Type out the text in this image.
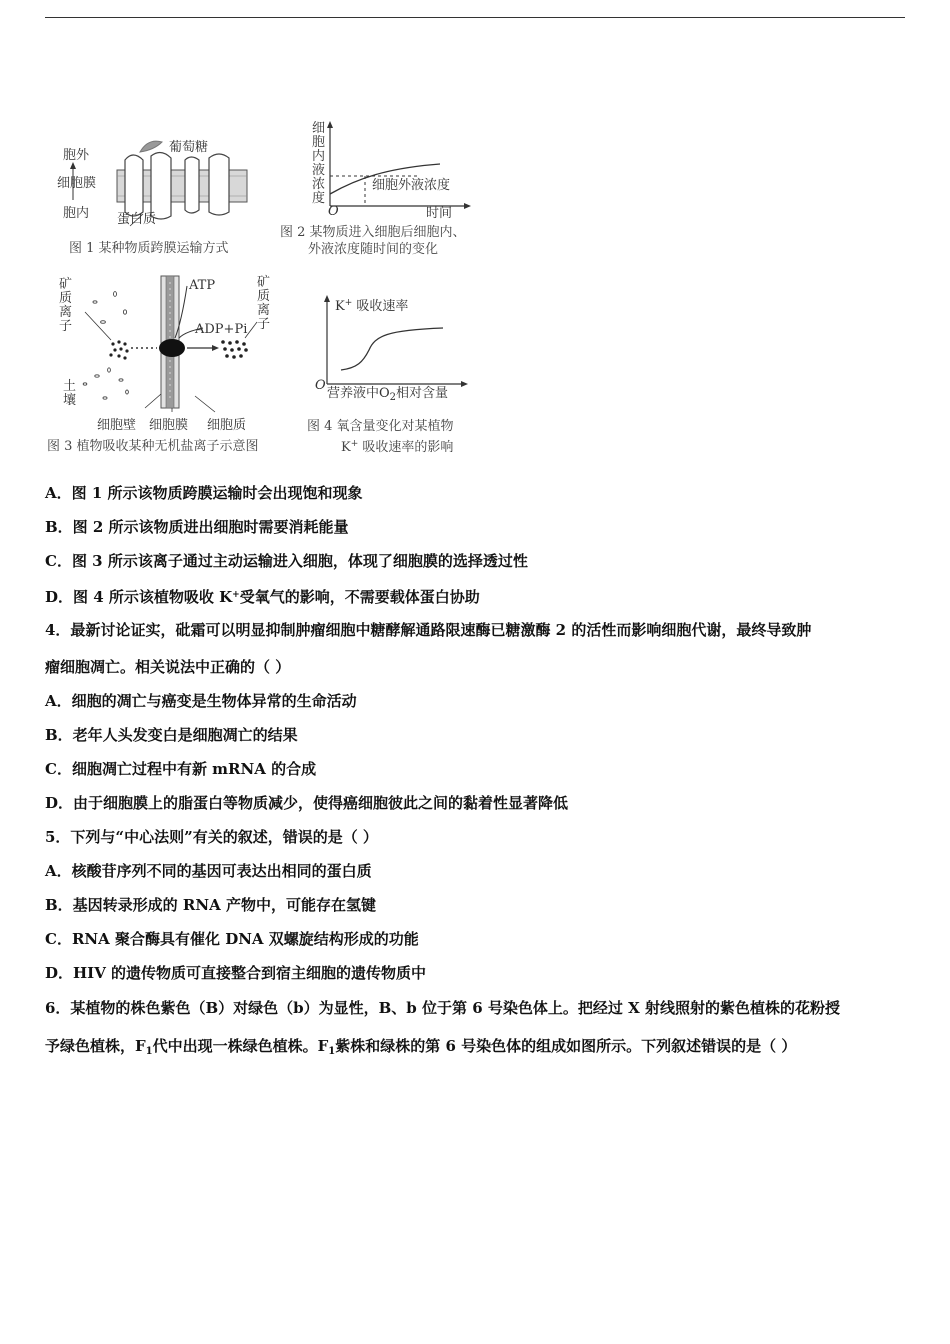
胞外
细胞膜
胞内
葡萄糖
蛋白质
图 1 某种物质跨膜运输方式
细胞内液浓度
O	时间
细胞外液浓度
图 2 某物质进入细胞后细胞内、
外液浓度随时间的变化
矿质离子
矿质离子
土壤
ATP
ADP+Pi
细胞壁 细胞膜 细胞质
图 3 植物吸收某种无机盐离子示意图
K+ 吸收速率
O
营养液中$O_2$相对含量
图 4 氧含量变化对某植物
K+ 吸收速率的影响
A．图 1 所示该物质跨膜运输时会出现饱和现象
B．图 2 所示该物质进出细胞时需要消耗能量
C．图 3 所示该离子通过主动运输进入细胞，体现了细胞膜的选择透过性
D．图 4 所示该植物吸收 K+受氧气的影响，不需要载体蛋白协助
4．最新讨论证实，砒霜可以明显抑制肿瘤细胞中糖酵解通路限速酶已糖激酶 2 的活性而影响细胞代谢，最终导致肿
瘤细胞凋亡。相关说法中正确的（ ）
A．细胞的凋亡与癌变是生物体异常的生命活动
B．老年人头发变白是细胞凋亡的结果
C．细胞凋亡过程中有新 mRNA 的合成
D．由于细胞膜上的脂蛋白等物质减少，使得癌细胞彼此之间的黏着性显著降低
5．下列与“中心法则”有关的叙述，错误的是（ ）
A．核酸苷序列不同的基因可表达出相同的蛋白质
B．基因转录形成的 RNA 产物中，可能存在氢键
C．RNA 聚合酶具有催化 DNA 双螺旋结构形成的功能
D．HIV 的遗传物质可直接整合到宿主细胞的遗传物质中
6．某植物的株色紫色（B）对绿色（b）为显性，B、b 位于第 6 号染色体上。把经过 X 射线照射的紫色植株的花粉授
予绿色植株，$F_1$代中出现一株绿色植株。$F_1$紫株和绿株的第 6 号染色体的组成如图所示。下列叙述错误的是（ ）
